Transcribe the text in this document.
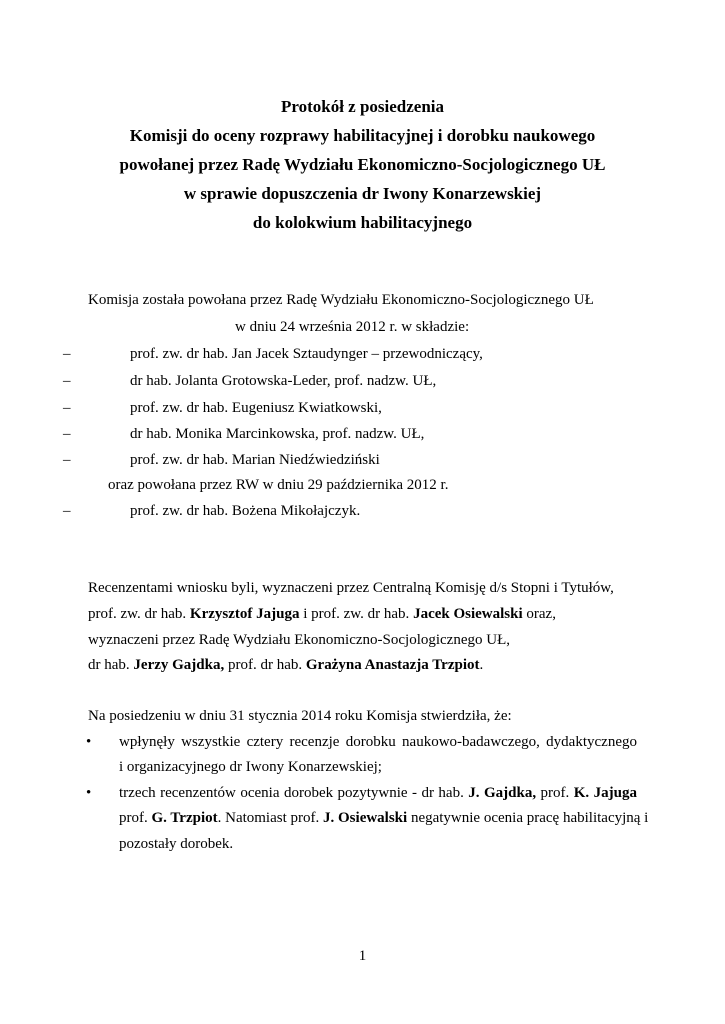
Protokół z posiedzenia
Komisji do oceny rozprawy habilitacyjnej i dorobku naukowego
powołanej przez Radę Wydziału Ekonomiczno-Socjologicznego UŁ
w sprawie dopuszczenia dr Iwony Konarzewskiej
do kolokwium habilitacyjnego
Komisja została powołana przez Radę Wydziału Ekonomiczno-Socjologicznego UŁ
w dniu 24 września 2012 r. w składzie:
–	prof. zw. dr hab. Jan Jacek Sztaudynger – przewodniczący,
–	dr hab. Jolanta Grotowska-Leder, prof. nadzw. UŁ,
–	prof. zw. dr hab. Eugeniusz Kwiatkowski,
–	dr hab. Monika Marcinkowska, prof. nadzw. UŁ,
–	prof. zw. dr hab. Marian Niedźwiedziński
oraz powołana przez RW w dniu 29 października 2012 r.
–	prof. zw. dr hab. Bożena Mikołajczyk.
Recenzentami wniosku byli, wyznaczeni przez Centralną Komisję d/s Stopni i Tytułów,
prof. zw. dr hab. Krzysztof Jajuga i prof. zw. dr hab. Jacek Osiewalski oraz,
wyznaczeni przez Radę Wydziału Ekonomiczno-Socjologicznego UŁ,
dr hab. Jerzy Gajdka, prof. dr hab. Grażyna Anastazja Trzpiot.
Na posiedzeniu w dniu 31 stycznia 2014 roku Komisja stwierdziła, że:
• wpłynęły wszystkie cztery recenzje dorobku naukowo-badawczego, dydaktycznego
i organizacyjnego dr Iwony Konarzewskiej;
• trzech recenzentów ocenia dorobek pozytywnie - dr hab. J. Gajdka, prof. K. Jajuga
prof. G. Trzpiot. Natomiast prof. J. Osiewalski negatywnie ocenia pracę habilitacyjną i
pozostały dorobek.
1
